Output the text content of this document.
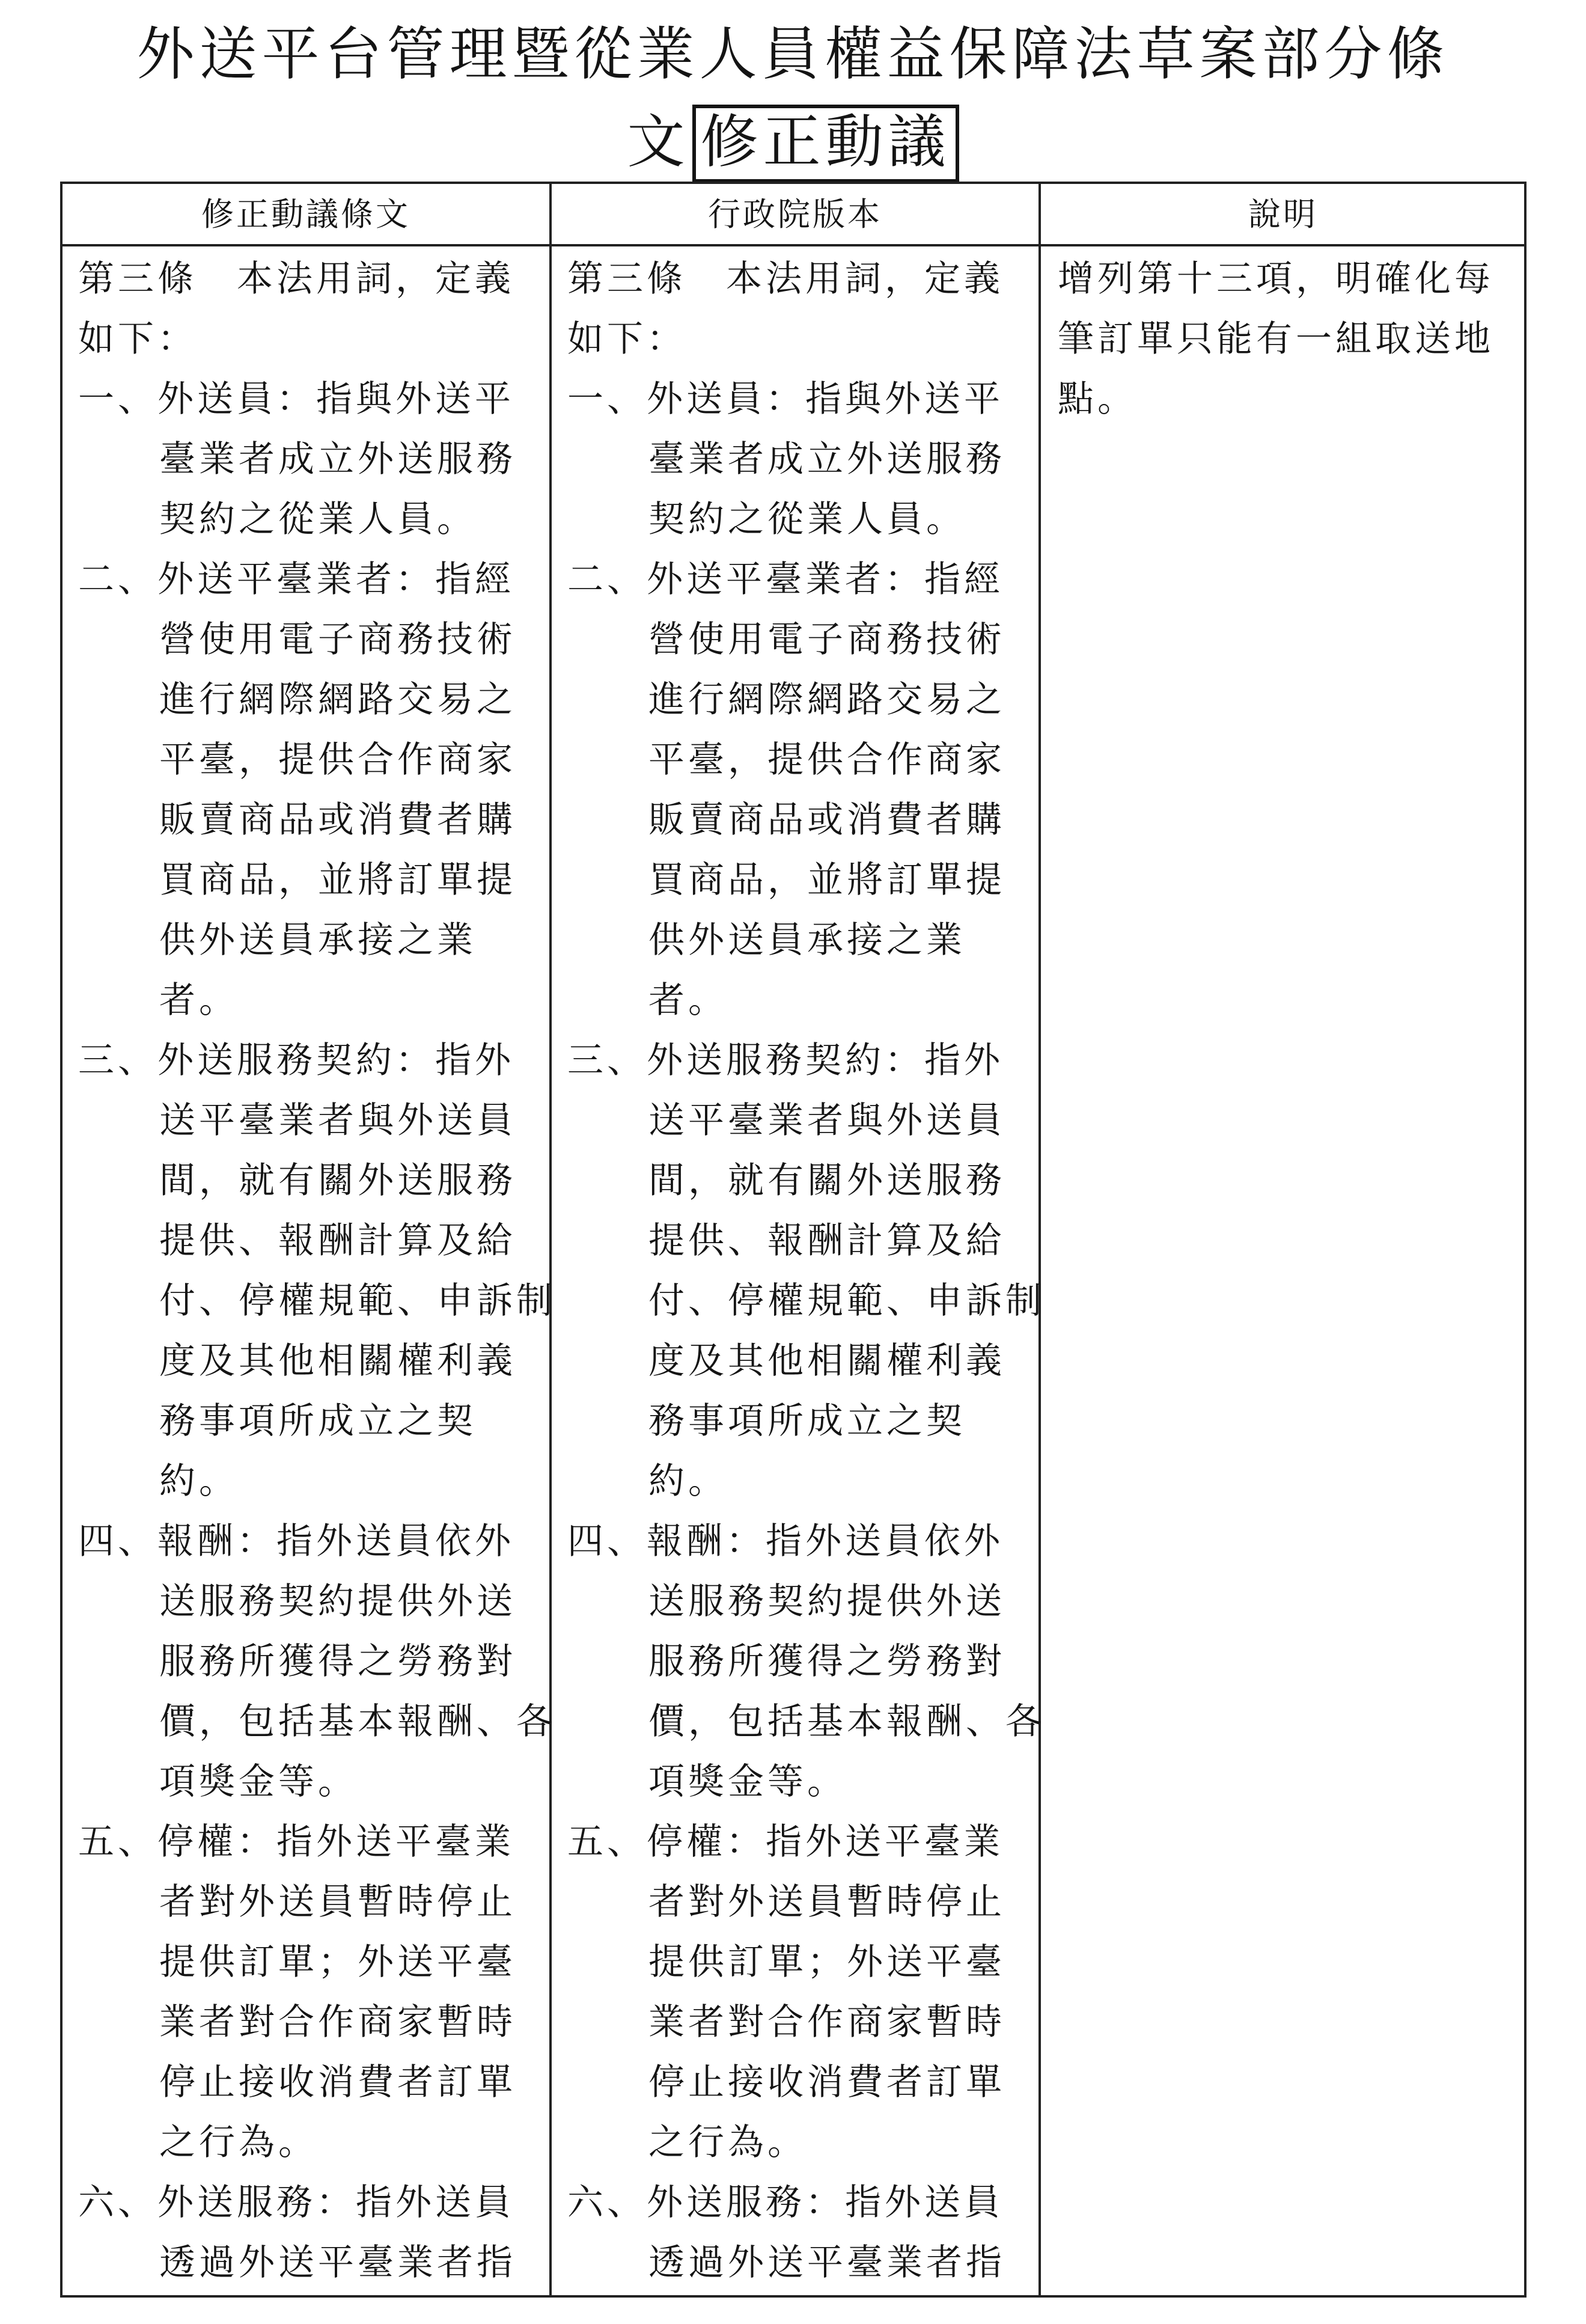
外送平台管理暨從業人員權益保障法草案部分條
文 修正動議
修正動議條文	行政院版本	說明
第三條　本法用詞，定義
如下：
一、外送員：指與外送平
臺業者成立外送服務
契約之從業人員。
二、外送平臺業者：指經
營使用電子商務技術
進行網際網路交易之
平臺，提供合作商家
販賣商品或消費者購
買商品，並將訂單提
供外送員承接之業
者。
三、外送服務契約：指外
送平臺業者與外送員
間，就有關外送服務
提供、報酬計算及給
付、停權規範、申訴制
度及其他相關權利義
務事項所成立之契
約。
四、報酬：指外送員依外
送服務契約提供外送
服務所獲得之勞務對
價，包括基本報酬、各
項獎金等。
五、停權：指外送平臺業
者對外送員暫時停止
提供訂單；外送平臺
業者對合作商家暫時
停止接收消費者訂單
之行為。
六、外送服務：指外送員
透過外送平臺業者指
第三條　本法用詞，定義
如下：
一、外送員：指與外送平
臺業者成立外送服務
契約之從業人員。
二、外送平臺業者：指經
營使用電子商務技術
進行網際網路交易之
平臺，提供合作商家
販賣商品或消費者購
買商品，並將訂單提
供外送員承接之業
者。
三、外送服務契約：指外
送平臺業者與外送員
間，就有關外送服務
提供、報酬計算及給
付、停權規範、申訴制
度及其他相關權利義
務事項所成立之契
約。
四、報酬：指外送員依外
送服務契約提供外送
服務所獲得之勞務對
價，包括基本報酬、各
項獎金等。
五、停權：指外送平臺業
者對外送員暫時停止
提供訂單；外送平臺
業者對合作商家暫時
停止接收消費者訂單
之行為。
六、外送服務：指外送員
透過外送平臺業者指
增列第十三項，明確化每
筆訂單只能有一組取送地
點。
